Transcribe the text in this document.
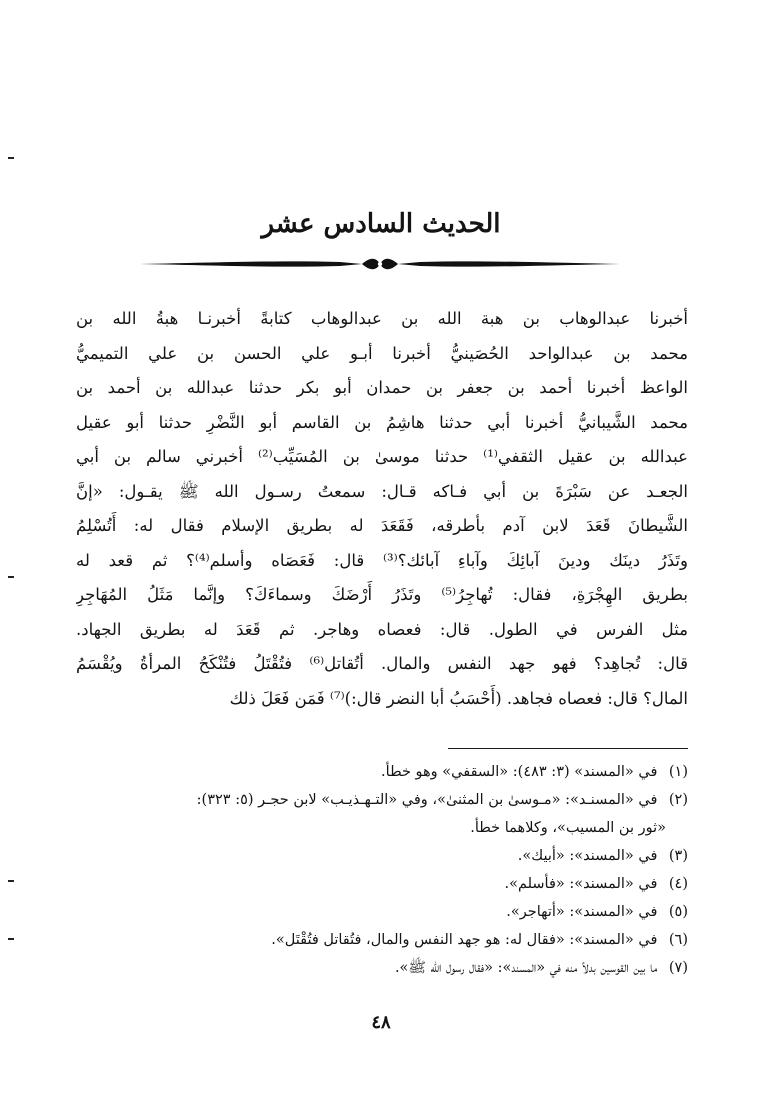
الحديث السادس عشر
أخبرنا عبدالوهاب بن هبة الله بن عبدالوهاب كتابةً أخبرنـا هبةُ الله بن
محمد بن عبدالواحد الحُصَينيُّ أخبرنا أبـو علي الحسن بن علي التميميُّ
الواعظ أخبرنا أحمد بن جعفر بن حمدان أبو بكر حدثنا عبدالله بن أحمد بن
محمد الشَّيبانيُّ أخبرنا أبي حدثنا هاشِمُ بن القاسم أبو النَّضْرِ حدثنا أبو عقيل
عبدالله بن عقيل الثقفي⁽¹⁾ حدثنا موسىٰ بن المُسَيِّب⁽²⁾ أخبرني سالم بن أبي
الجعـد عن سَبْرَةَ بن أبي فـاكه قـال: سمعتُ رسـول الله ﷺ يقـول: «إنَّ
الشَّيطانَ قَعَدَ لابن آدم بأطرقه، فَقَعَدَ له بطريق الإسلام فقال له: أَتُسْلِمُ
وتَذَرُ دينَك ودينَ آبائِكَ وآباءِ آبائك؟⁽³⁾ قال: فَعَصَاه وأسلم⁽⁴⁾؟ ثم قعد له
بطريق الهِجْرَةِ، فقال: تُهاجِرُ⁽⁵⁾ وتَذَرُ أَرْضَكَ وسماءَكَ؟ وإنَّما مَثَلُ المُهَاجِرِ
مثل الفرس في الطول. قال: فعصاه وهاجر. ثم قَعَدَ له بطريق الجهاد.
قال: تُجاهِد؟ فهو جهد النفس والمال. أتُقاتل⁽⁶⁾ فتُقْتَلُ فتُنْكَحُ المرأةُ ويُقْسَمُ
المال؟ قال: فعصاه فجاهد. (أَحْسَبُ أبا النضر قال:)⁽⁷⁾ فَمَن فَعَلَ ذلك
(١) في «المسند» (٣: ٤٨٣): «السقفي» وهو خطأ.
(٢) في «المسنـد»: «مـوسىٰ بن المثنىٰ»، وفي «التـهـذيـب» لابن حجـر (٥: ٣٢٣):
«ثور بن المسيب»، وكلاهما خطأ.
(٣) في «المسند»: «أبيك».
(٤) في «المسند»: «فأسلم».
(٥) في «المسند»: «أتهاجر».
(٦) في «المسند»: «فقال له: هو جهد النفس والمال، فتُقاتل فتُقْتَل».
(٧) ما بين القوسين بدلاً منه في «المسند»: «فقال رسول الله ﷺ».
٤٨
